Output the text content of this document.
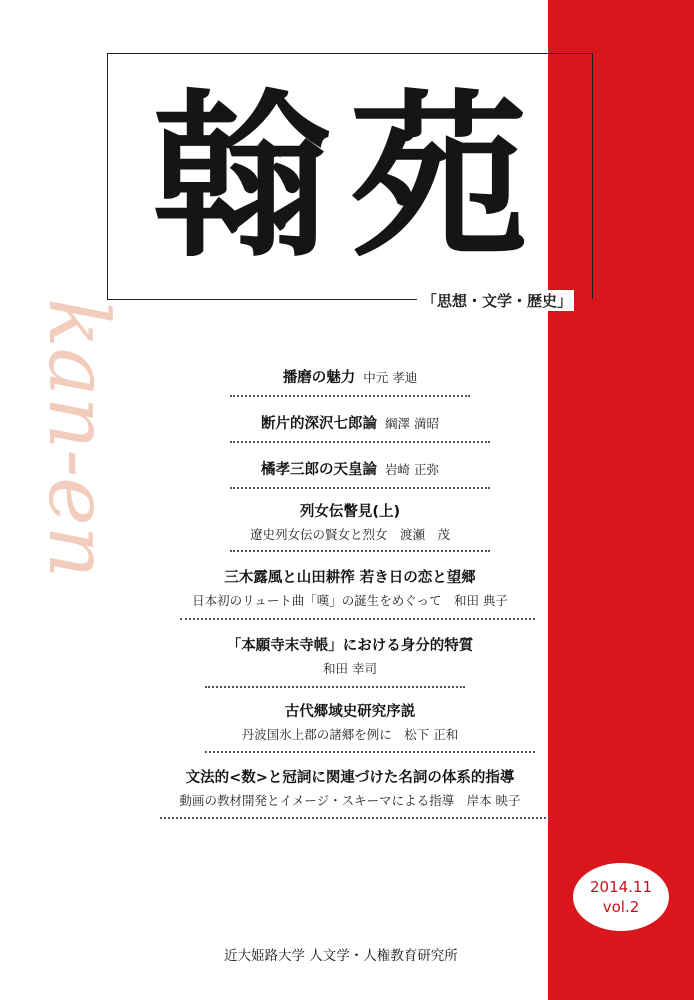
翰苑
「思想・文学・歴史」
kan-en	播磨の魅力 中元 孝迪
断片的深沢七郎論 綱澤 満昭
橘孝三郎の天皇論 岩崎 正弥
列女伝瞥見(上)
遼史列女伝の賢女と烈女　渡瀬　茂
三木露風と山田耕筰 若き日の恋と望郷
日本初のリュート曲「嘆」の誕生をめぐって　和田 典子
「本願寺末寺帳」における身分的特質
和田 幸司
古代郷域史研究序説
丹波国氷上郡の諸郷を例に　松下 正和
文法的<数>と冠詞に関連づけた名詞の体系的指導
動画の教材開発とイメージ・スキーマによる指導　岸本 映子
2014.11
vol.2
近大姫路大学 人文学・人権教育研究所
